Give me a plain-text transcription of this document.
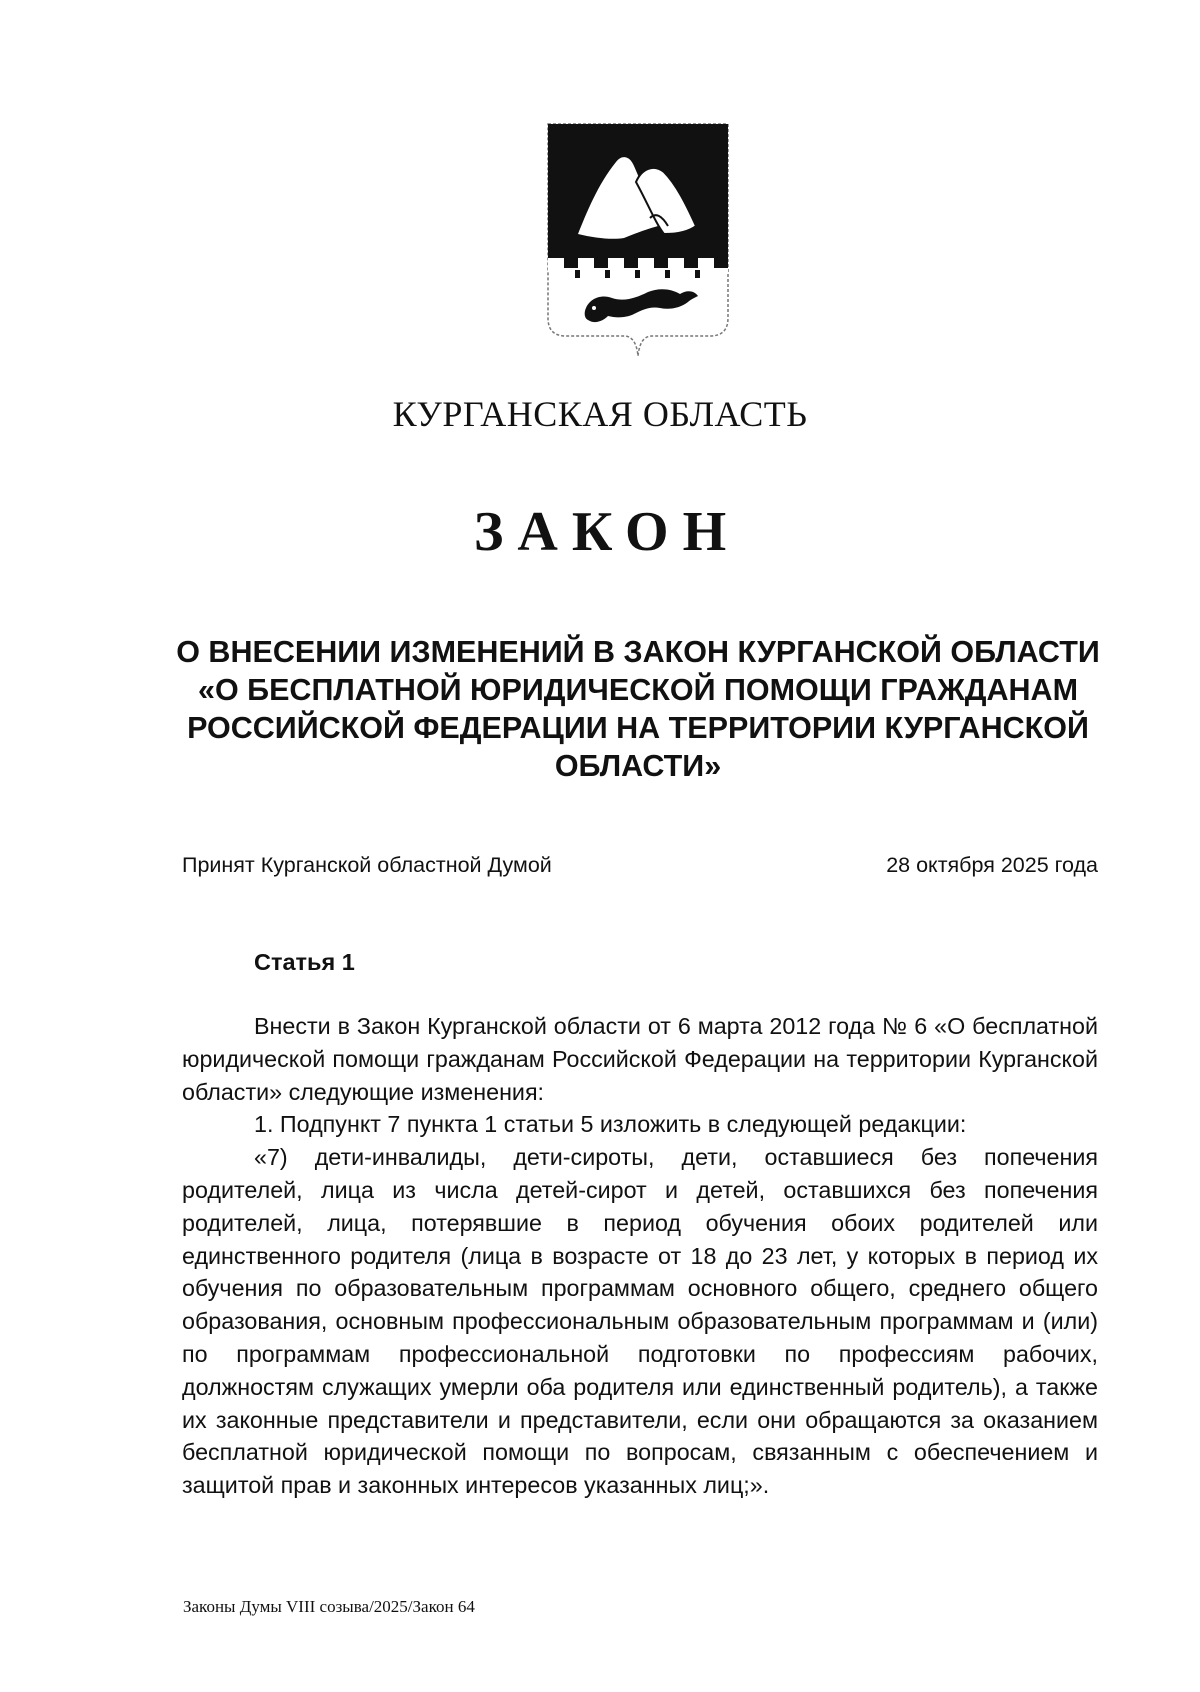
КУРГАНСКАЯ ОБЛАСТЬ
ЗАКОН
О ВНЕСЕНИИ ИЗМЕНЕНИЙ В ЗАКОН КУРГАНСКОЙ ОБЛАСТИ «О БЕСПЛАТНОЙ ЮРИДИЧЕСКОЙ ПОМОЩИ ГРАЖДАНАМ РОССИЙСКОЙ ФЕДЕРАЦИИ НА ТЕРРИТОРИИ КУРГАНСКОЙ ОБЛАСТИ»
Принят Курганской областной Думой	28 октября 2025 года
Статья 1

Внести в Закон Курганской области от 6 марта 2012 года № 6 «О бесплатной юридической помощи гражданам Российской Федерации на территории Курганской области» следующие изменения:

1. Подпункт 7 пункта 1 статьи 5 изложить в следующей редакции:

«7) дети-инвалиды, дети-сироты, дети, оставшиеся без попечения родителей, лица из числа детей-сирот и детей, оставшихся без попечения родителей, лица, потерявшие в период обучения обоих родителей или единственного родителя (лица в возрасте от 18 до 23 лет, у которых в период их обучения по образовательным программам основного общего, среднего общего образования, основным профессиональным образовательным программам и (или) по программам профессиональной подготовки по профессиям рабочих, должностям служащих умерли оба родителя или единственный родитель), а также их законные представители и представители, если они обращаются за оказанием бесплатной юридической помощи по вопросам, связанным с обеспечением и защитой прав и законных интересов указанных лиц;».

Законы Думы VIII созыва/2025/Закон 64
